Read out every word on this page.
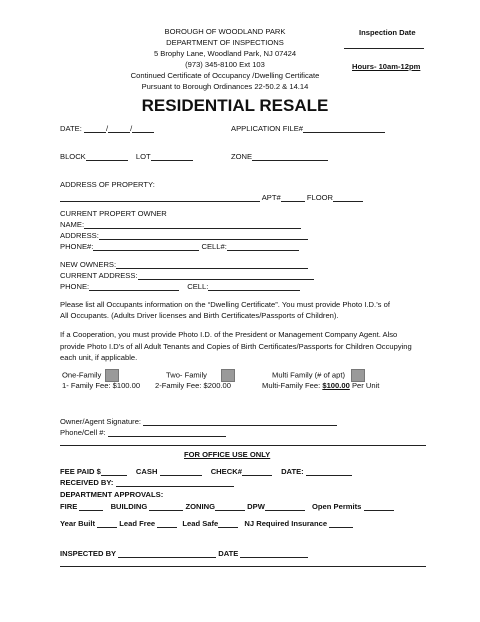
BOROUGH OF WOODLAND PARK
DEPARTMENT OF INSPECTIONS
5 Brophy Lane, Woodland Park, NJ 07424
(973) 345-8100 Ext 103
Continued Certificate of Occupancy /Dwelling Certificate
Pursuant to Borough Ordinances 22-50.2 & 14.14
Inspection Date
Hours- 10am-12pm
RESIDENTIAL RESALE
DATE:	/	/	APPLICATION FILE#
BLOCK	LOT	ZONE
ADDRESS OF PROPERTY:
APT#	FLOOR
CURRENT PROPERT OWNER
NAME:
ADDRESS:
PHONE#:	CELL#:
NEW OWNERS:
CURRENT ADDRESS:
PHONE:	CELL:
Please list all Occupants information on the “Dwelling Certificate”. You must provide Photo I.D.’s of
All Occupants. (Adults Driver licenses and Birth Certificates/Passports of Children).
If a Cooperation, you must provide Photo I.D. of the President or Management Company Agent. Also
provide Photo I.D’s of all Adult Tenants and Copies of Birth Certificates/Passports for Children Occupying
each unit, if applicable.
One-Family
1- Family Fee: $100.00
Two- Family
2-Family Fee: $200.00
Multi Family (# of apt)
Multi-Family Fee: $100.00 Per Unit
Owner/Agent Signature:
Phone/Cell #:
FOR OFFICE USE ONLY
FEE PAID $	CASH	CHECK#	DATE:
RECEIVED BY:
DEPARTMENT APPROVALS:
FIRE	BUILDING	ZONING	DPW	Open Permits
Year Built	Lead Free	Lead Safe	NJ Required Insurance
INSPECTED BY	DATE
